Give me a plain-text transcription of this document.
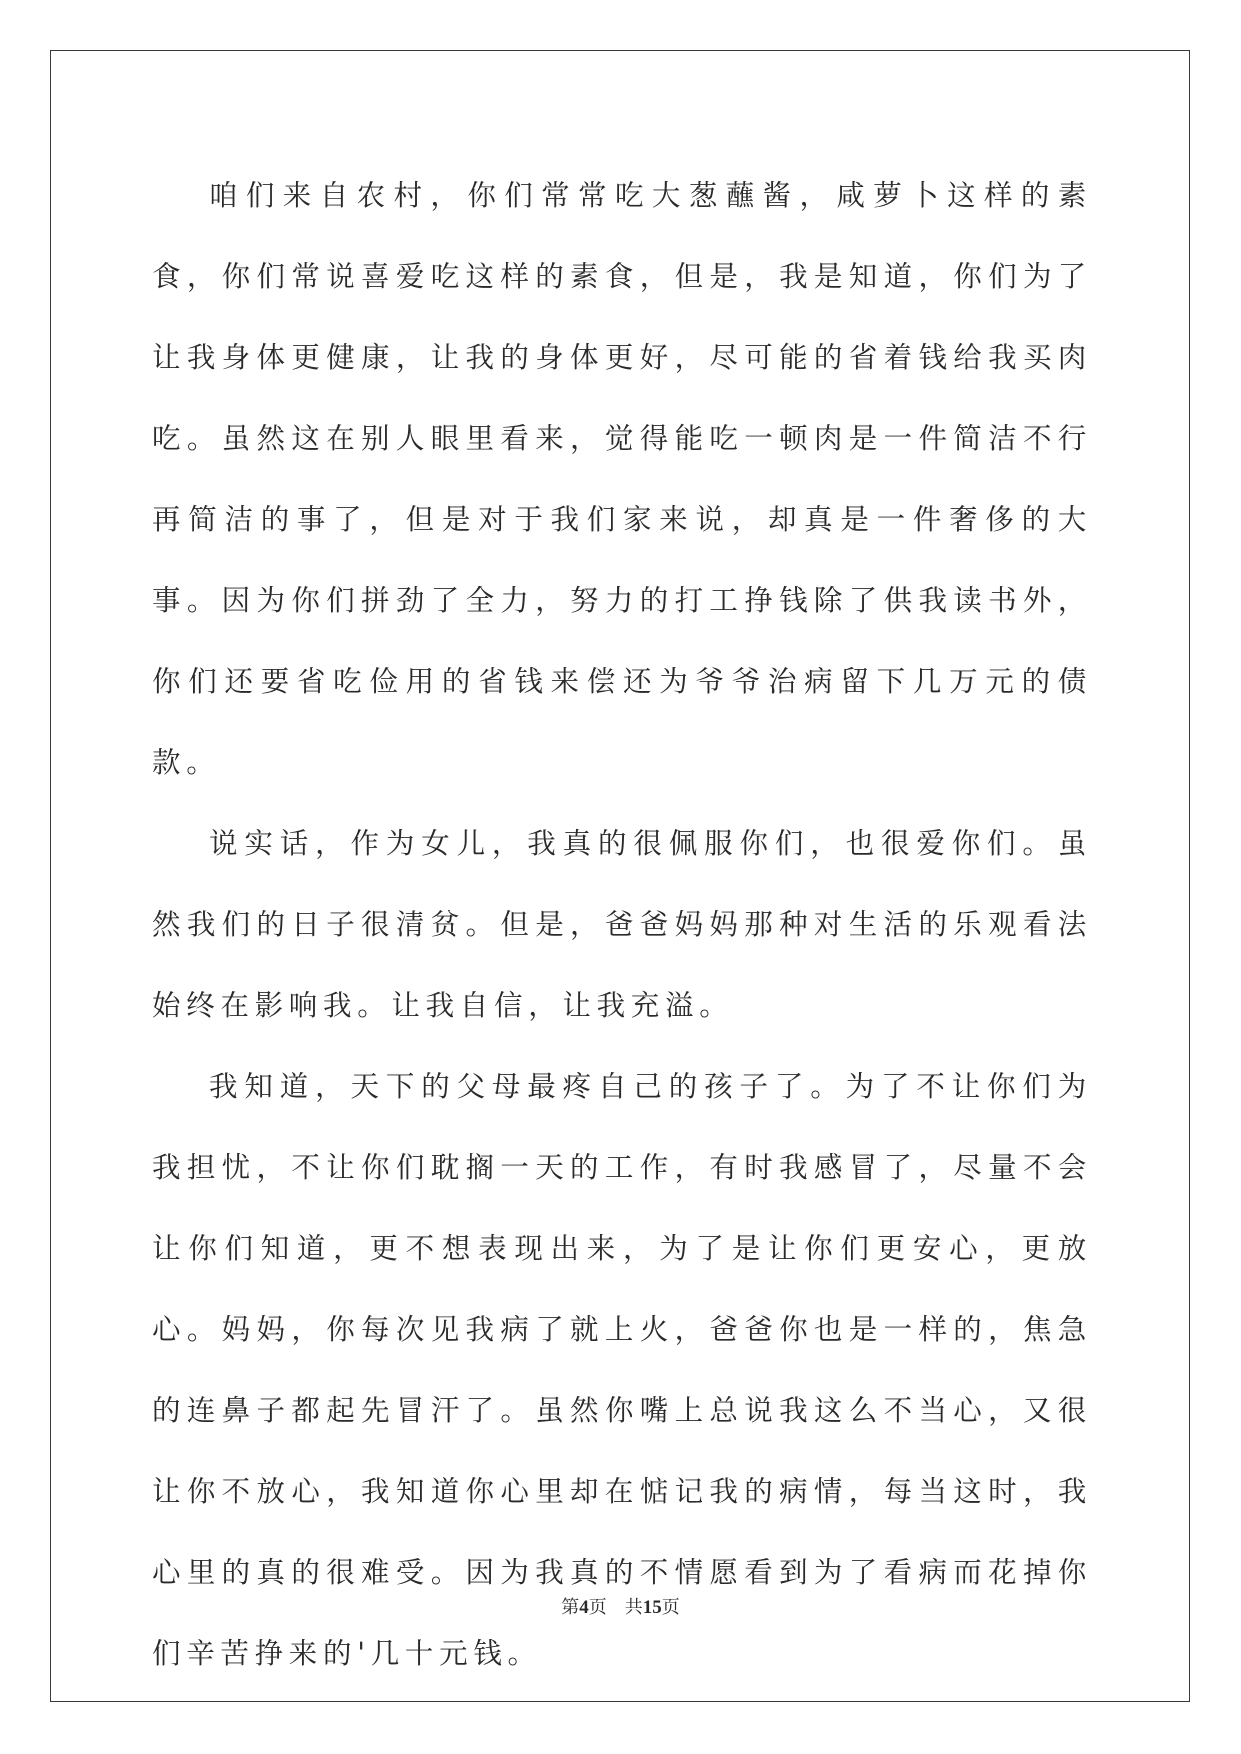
咱们来自农村，你们常常吃大葱蘸酱，咸萝卜这样的素食，你们常说喜爱吃这样的素食，但是，我是知道，你们为了让我身体更健康，让我的身体更好，尽可能的省着钱给我买肉吃。虽然这在别人眼里看来，觉得能吃一顿肉是一件简洁不行再简洁的事了，但是对于我们家来说，却真是一件奢侈的大事。因为你们拼劲了全力，努力的打工挣钱除了供我读书外，你们还要省吃俭用的省钱来偿还为爷爷治病留下几万元的债款。

说实话，作为女儿，我真的很佩服你们，也很爱你们。虽然我们的日子很清贫。但是，爸爸妈妈那种对生活的乐观看法始终在影响我。让我自信，让我充溢。

我知道，天下的父母最疼自己的孩子了。为了不让你们为我担忧，不让你们耽搁一天的工作，有时我感冒了，尽量不会让你们知道，更不想表现出来，为了是让你们更安心，更放心。妈妈，你每次见我病了就上火，爸爸你也是一样的，焦急的连鼻子都起先冒汗了。虽然你嘴上总说我这么不当心，又很让你不放心，我知道你心里却在惦记我的病情，每当这时，我心里的真的很难受。因为我真的不情愿看到为了看病而花掉你们辛苦挣来的'几十元钱。

第4页 共15页
